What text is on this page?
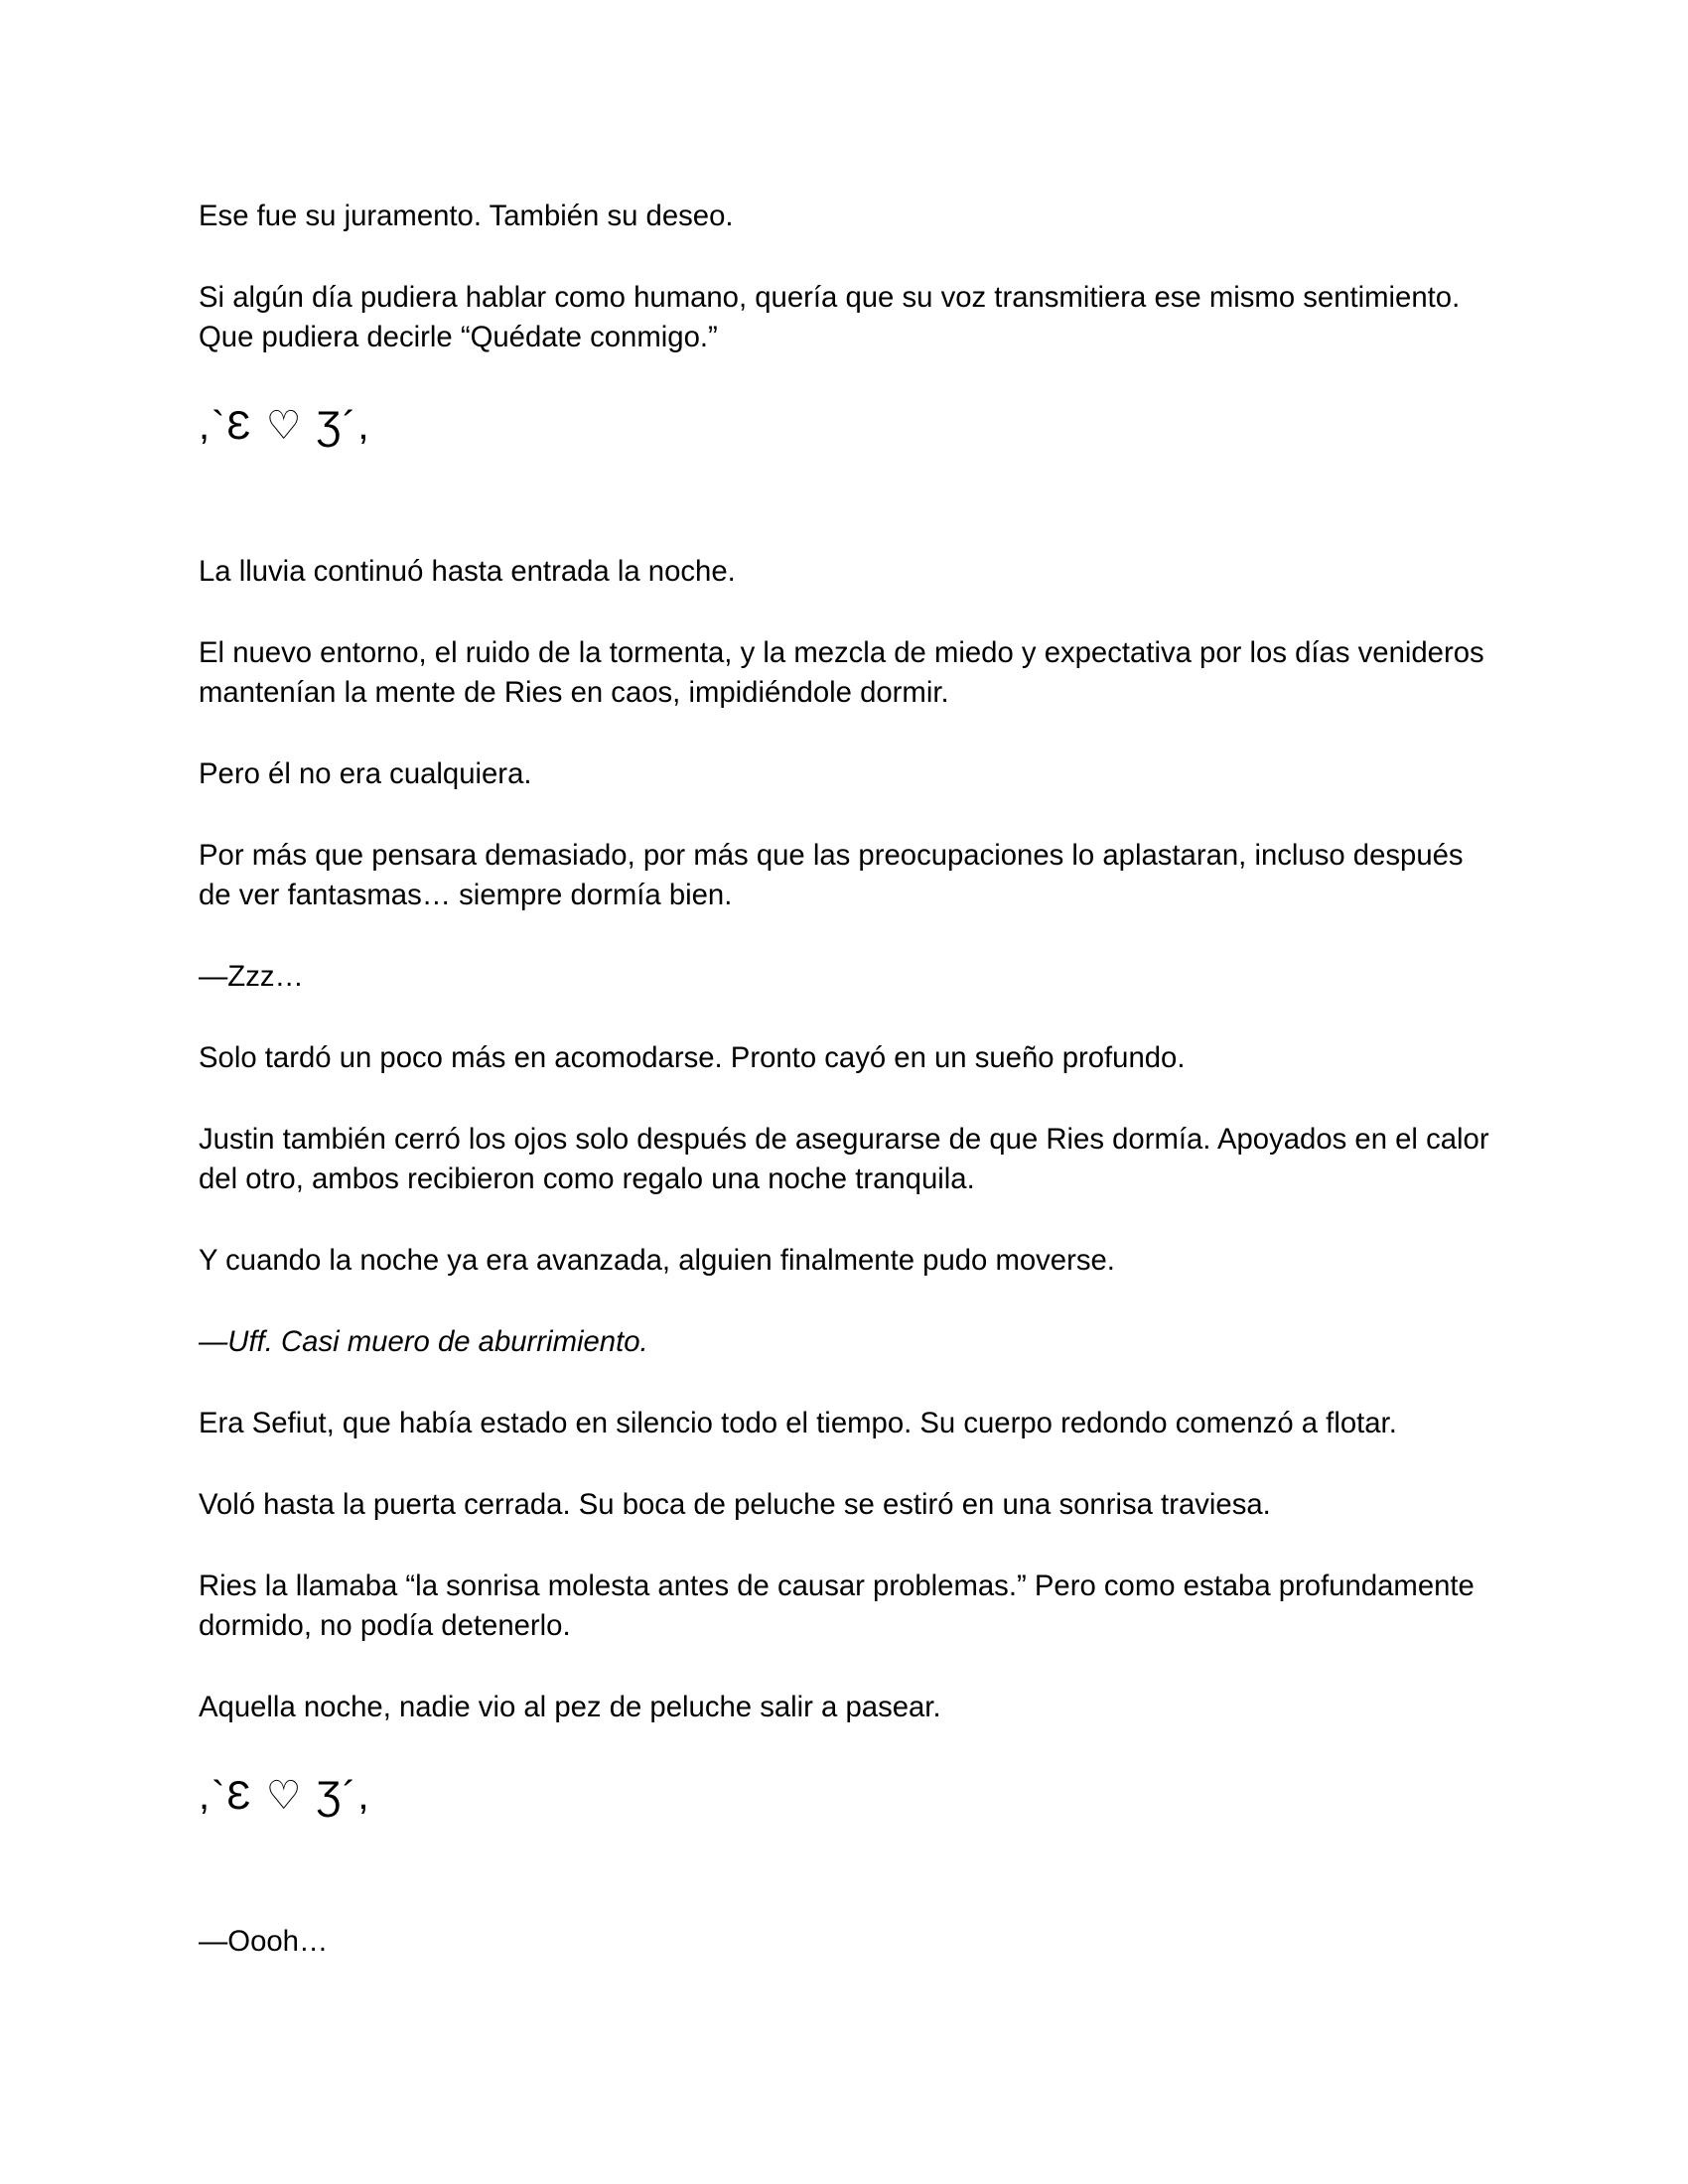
Ese fue su juramento. También su deseo.

Si algún día pudiera hablar como humano, quería que su voz transmitiera ese mismo sentimiento. Que pudiera decirle “Quédate conmigo.”

,`Ɛ ♡ Ʒ´,

La lluvia continuó hasta entrada la noche.

El nuevo entorno, el ruido de la tormenta, y la mezcla de miedo y expectativa por los días venideros mantenían la mente de Ries en caos, impidiéndole dormir.

Pero él no era cualquiera.

Por más que pensara demasiado, por más que las preocupaciones lo aplastaran, incluso después de ver fantasmas… siempre dormía bien.

—Zzz…

Solo tardó un poco más en acomodarse. Pronto cayó en un sueño profundo.

Justin también cerró los ojos solo después de asegurarse de que Ries dormía. Apoyados en el calor del otro, ambos recibieron como regalo una noche tranquila.

Y cuando la noche ya era avanzada, alguien finalmente pudo moverse.

—Uff. Casi muero de aburrimiento.

Era Sefiut, que había estado en silencio todo el tiempo. Su cuerpo redondo comenzó a flotar.

Voló hasta la puerta cerrada. Su boca de peluche se estiró en una sonrisa traviesa.

Ries la llamaba “la sonrisa molesta antes de causar problemas.” Pero como estaba profundamente dormido, no podía detenerlo.

Aquella noche, nadie vio al pez de peluche salir a pasear.

,`Ɛ ♡ Ʒ´,

—Oooh…
